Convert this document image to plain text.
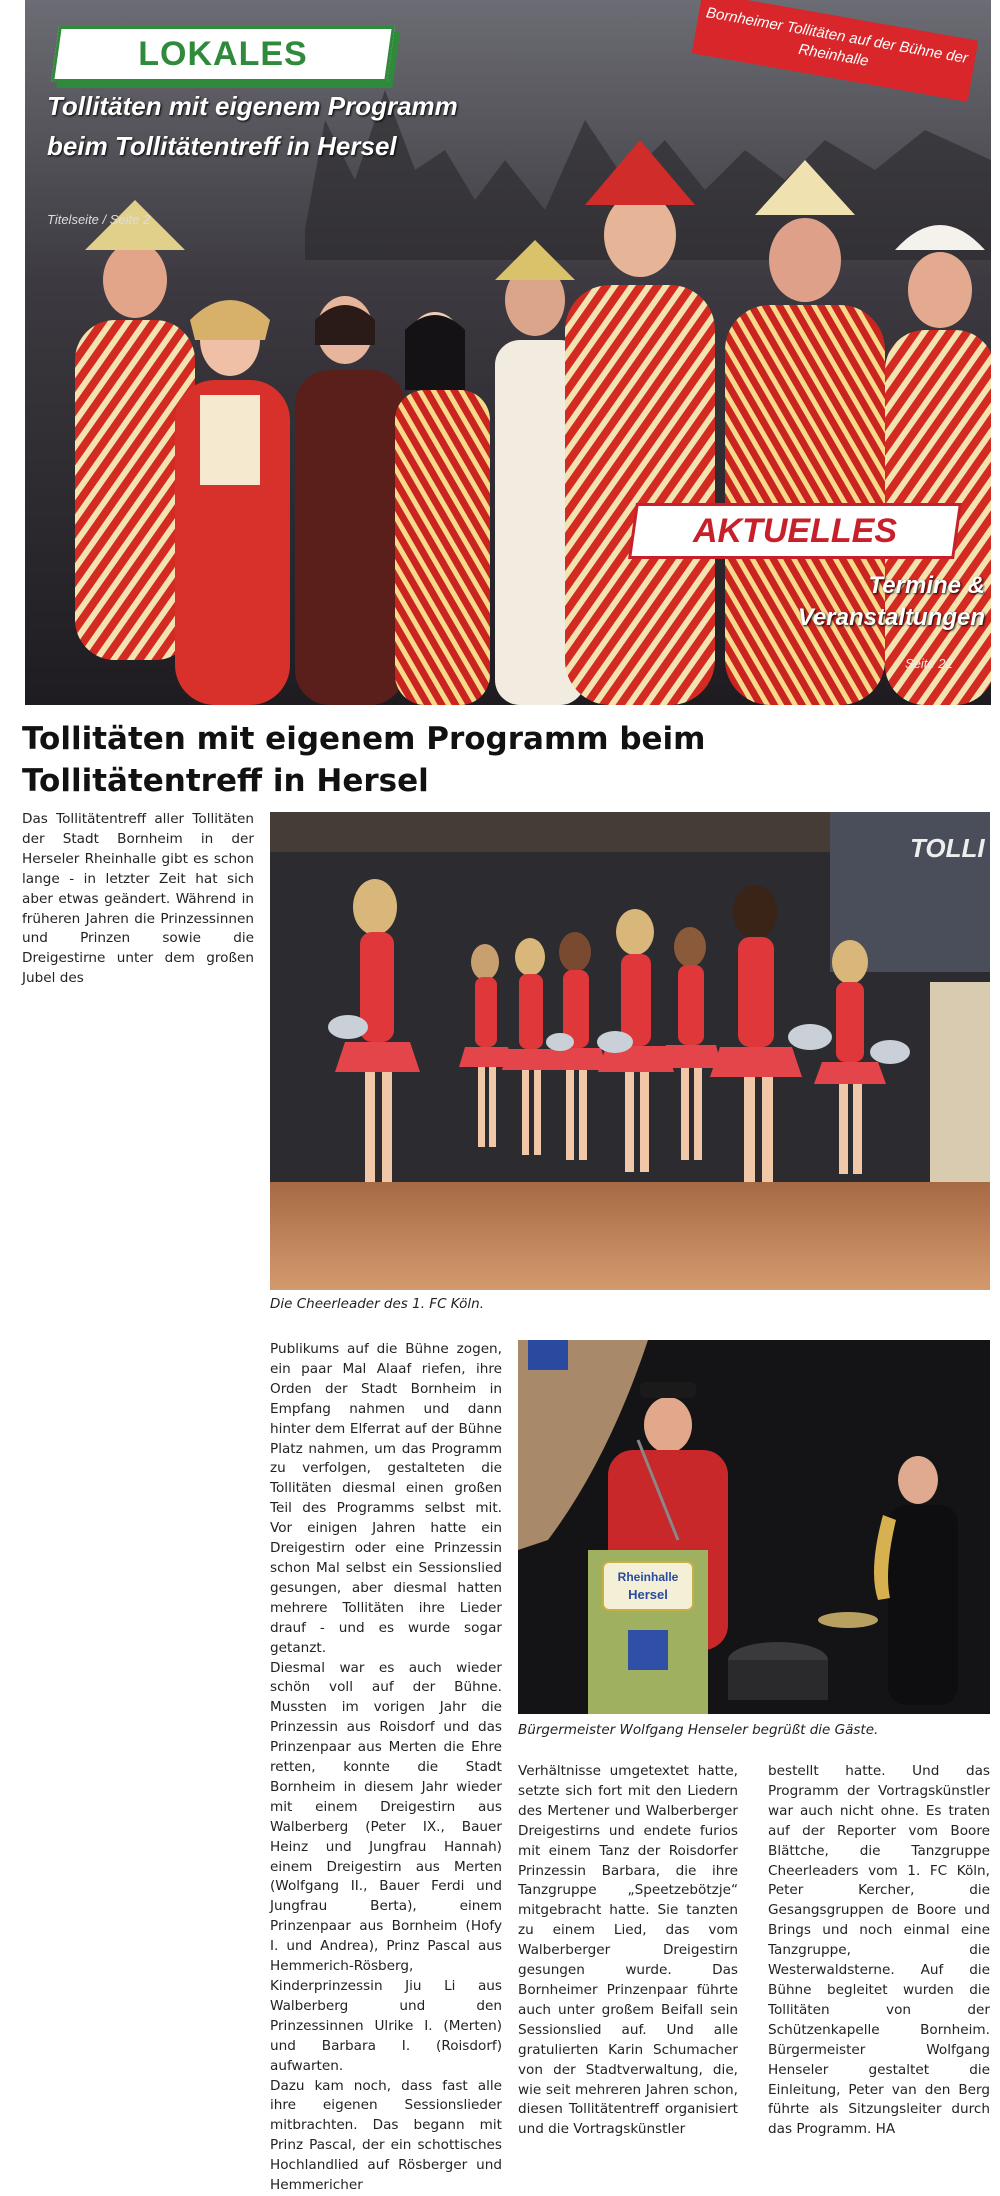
LOKALES
Tollitäten mit eigenem Programm beim Tollitätentreff in Hersel
Titelseite / Seite 2
Bornheimer Tollitäten auf der Bühne der Rheinhalle
AKTUELLES
Termine & Veranstaltungen
Seite 22
Tollitäten mit eigenem Programm beim Tollitätentreff in Hersel

Das Tollitätentreff aller Tollitäten der Stadt Bornheim in der Herseler Rheinhalle gibt es schon lange - in letzter Zeit hat sich aber etwas geändert. Während in früheren Jahren die Prinzessinnen und Prinzen sowie die Dreigestirne unter dem großen Jubel des

TOLLI
Die Cheerleader des 1. FC Köln.

Publikums auf die Bühne zogen, ein paar Mal Alaaf riefen, ihre Orden der Stadt Bornheim in Empfang nahmen und dann hinter dem Elferrat auf der Bühne Platz nahmen, um das Programm zu verfolgen, gestalteten die Tollitäten diesmal einen großen Teil des Programms selbst mit. Vor einigen Jahren hatte ein Dreigestirn oder eine Prinzessin schon Mal selbst ein Sessionslied gesungen, aber diesmal hatten mehrere Tollitäten ihre Lieder drauf - und es wurde sogar getanzt.

Diesmal war es auch wieder schön voll auf der Bühne. Mussten im vorigen Jahr die Prinzessin aus Roisdorf und das Prinzenpaar aus Merten die Ehre retten, konnte die Stadt Bornheim in diesem Jahr wieder mit einem Dreigestirn aus Walberberg (Peter IX., Bauer Heinz und Jungfrau Hannah) einem Dreigestirn aus Merten (Wolfgang II., Bauer Ferdi und Jungfrau Berta), einem Prinzenpaar aus Bornheim (Hofy I. und Andrea), Prinz Pascal aus Hemmerich-Rösberg, Kinderprinzessin Jiu Li aus Walberberg und den Prinzessinnen Ulrike I. (Merten) und Barbara I. (Roisdorf) aufwarten.

Dazu kam noch, dass fast alle ihre eigenen Sessionslieder mitbrachten. Das begann mit Prinz Pascal, der ein schottisches Hochlandlied auf Rösberger und Hemmericher

Rheinhalle
Hersel
Bürgermeister Wolfgang Henseler begrüßt die Gäste.

Verhältnisse umgetextet hatte, setzte sich fort mit den Liedern des Mertener und Walberberger Dreigestirns und endete furios mit einem Tanz der Roisdorfer Prinzessin Barbara, die ihre Tanzgruppe „Speetzebötzje“ mitgebracht hatte. Sie tanzten zu einem Lied, das vom Walberberger Dreigestirn gesungen wurde. Das Bornheimer Prinzenpaar führte auch unter großem Beifall sein Sessionslied auf. Und alle gratulierten Karin Schumacher von der Stadtverwaltung, die, wie seit mehreren Jahren schon, diesen Tollitätentreff organisiert und die Vortragskünstler

bestellt hatte. Und das Programm der Vortragskünstler war auch nicht ohne. Es traten auf der Reporter vom Boore Blättche, die Tanzgruppe Cheerleaders vom 1. FC Köln, Peter Kercher, die Gesangsgruppen de Boore und Brings und noch einmal eine Tanzgruppe, die Westerwaldsterne. Auf die Bühne begleitet wurden die Tollitäten von der Schützenkapelle Bornheim. Bürgermeister Wolfgang Henseler gestaltet die Einleitung, Peter van den Berg führte als Sitzungsleiter durch das Programm. HA
